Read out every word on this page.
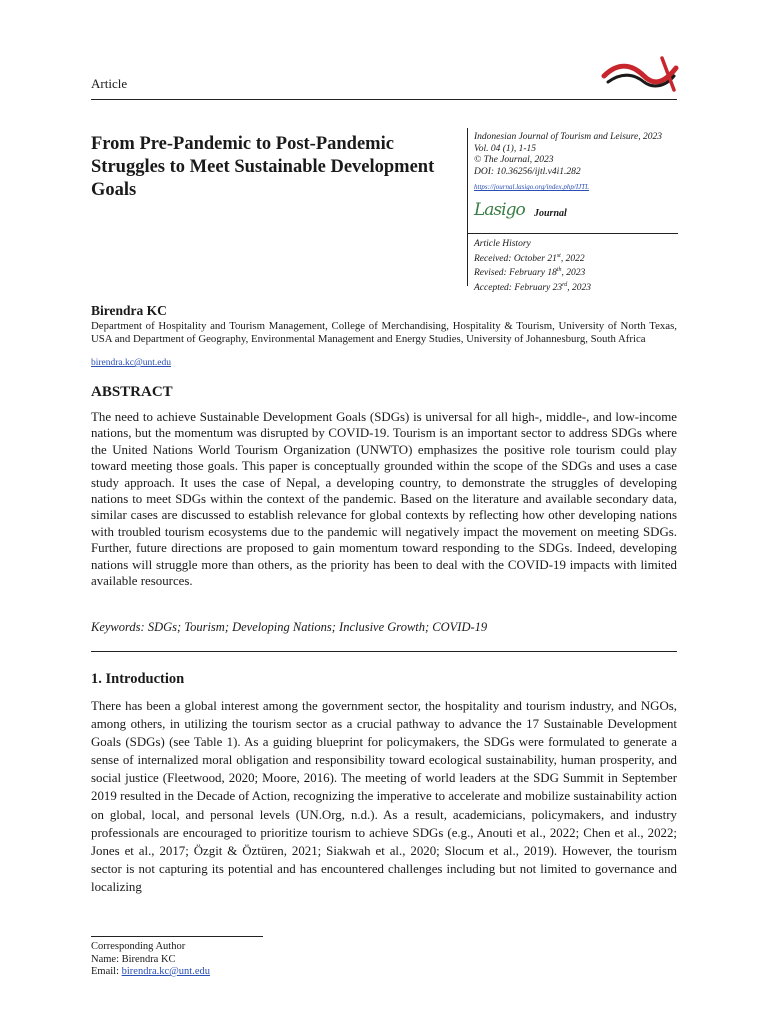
Article
From Pre-Pandemic to Post-Pandemic Struggles to Meet Sustainable Development Goals
Indonesian Journal of Tourism and Leisure, 2023
Vol. 04 (1), 1-15
© The Journal, 2023
DOI: 10.36256/ijtl.v4i1.282
https://journal.lasigo.org/index.php/IJTL
Lasigo Journal
Article History
Received: October 21st, 2022
Revised: February 18th, 2023
Accepted: February 23rd, 2023
Birendra KC
Department of Hospitality and Tourism Management, College of Merchandising, Hospitality & Tourism, University of North Texas, USA and Department of Geography, Environmental Management and Energy Studies, University of Johannesburg, South Africa
birendra.kc@unt.edu
ABSTRACT
The need to achieve Sustainable Development Goals (SDGs) is universal for all high-, middle-, and low-income nations, but the momentum was disrupted by COVID-19. Tourism is an important sector to address SDGs where the United Nations World Tourism Organization (UNWTO) emphasizes the positive role tourism could play toward meeting those goals. This paper is conceptually grounded within the scope of the SDGs and uses a case study approach. It uses the case of Nepal, a developing country, to demonstrate the struggles of developing nations to meet SDGs within the context of the pandemic. Based on the literature and available secondary data, similar cases are discussed to establish relevance for global contexts by reflecting how other developing nations with troubled tourism ecosystems due to the pandemic will negatively impact the movement on meeting SDGs. Further, future directions are proposed to gain momentum toward responding to the SDGs. Indeed, developing nations will struggle more than others, as the priority has been to deal with the COVID-19 impacts with limited available resources.
Keywords: SDGs; Tourism; Developing Nations; Inclusive Growth; COVID-19
1. Introduction
There has been a global interest among the government sector, the hospitality and tourism industry, and NGOs, among others, in utilizing the tourism sector as a crucial pathway to advance the 17 Sustainable Development Goals (SDGs) (see Table 1). As a guiding blueprint for policymakers, the SDGs were formulated to generate a sense of internalized moral obligation and responsibility toward ecological sustainability, human prosperity, and social justice (Fleetwood, 2020; Moore, 2016). The meeting of world leaders at the SDG Summit in September 2019 resulted in the Decade of Action, recognizing the imperative to accelerate and mobilize sustainability action on global, local, and personal levels (UN.Org, n.d.). As a result, academicians, policymakers, and industry professionals are encouraged to prioritize tourism to achieve SDGs (e.g., Anouti et al., 2022; Chen et al., 2022; Jones et al., 2017; Özgit & Öztüren, 2021; Siakwah et al., 2020; Slocum et al., 2019). However, the tourism sector is not capturing its potential and has encountered challenges including but not limited to governance and localizing
Corresponding Author
Name: Birendra KC
Email: birendra.kc@unt.edu
